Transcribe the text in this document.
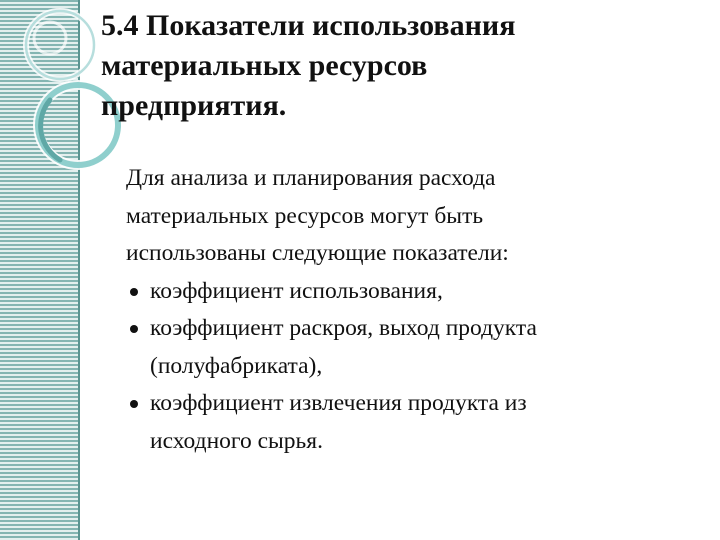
5.4 Показатели использования
материальных ресурсов
предприятия.
Для анализа и планирования расхода
материальных ресурсов могут быть
использованы следующие показатели:
коэффициент использования,
коэффициент раскроя, выход продукта
(полуфабриката),
коэффициент извлечения продукта из
исходного сырья.
